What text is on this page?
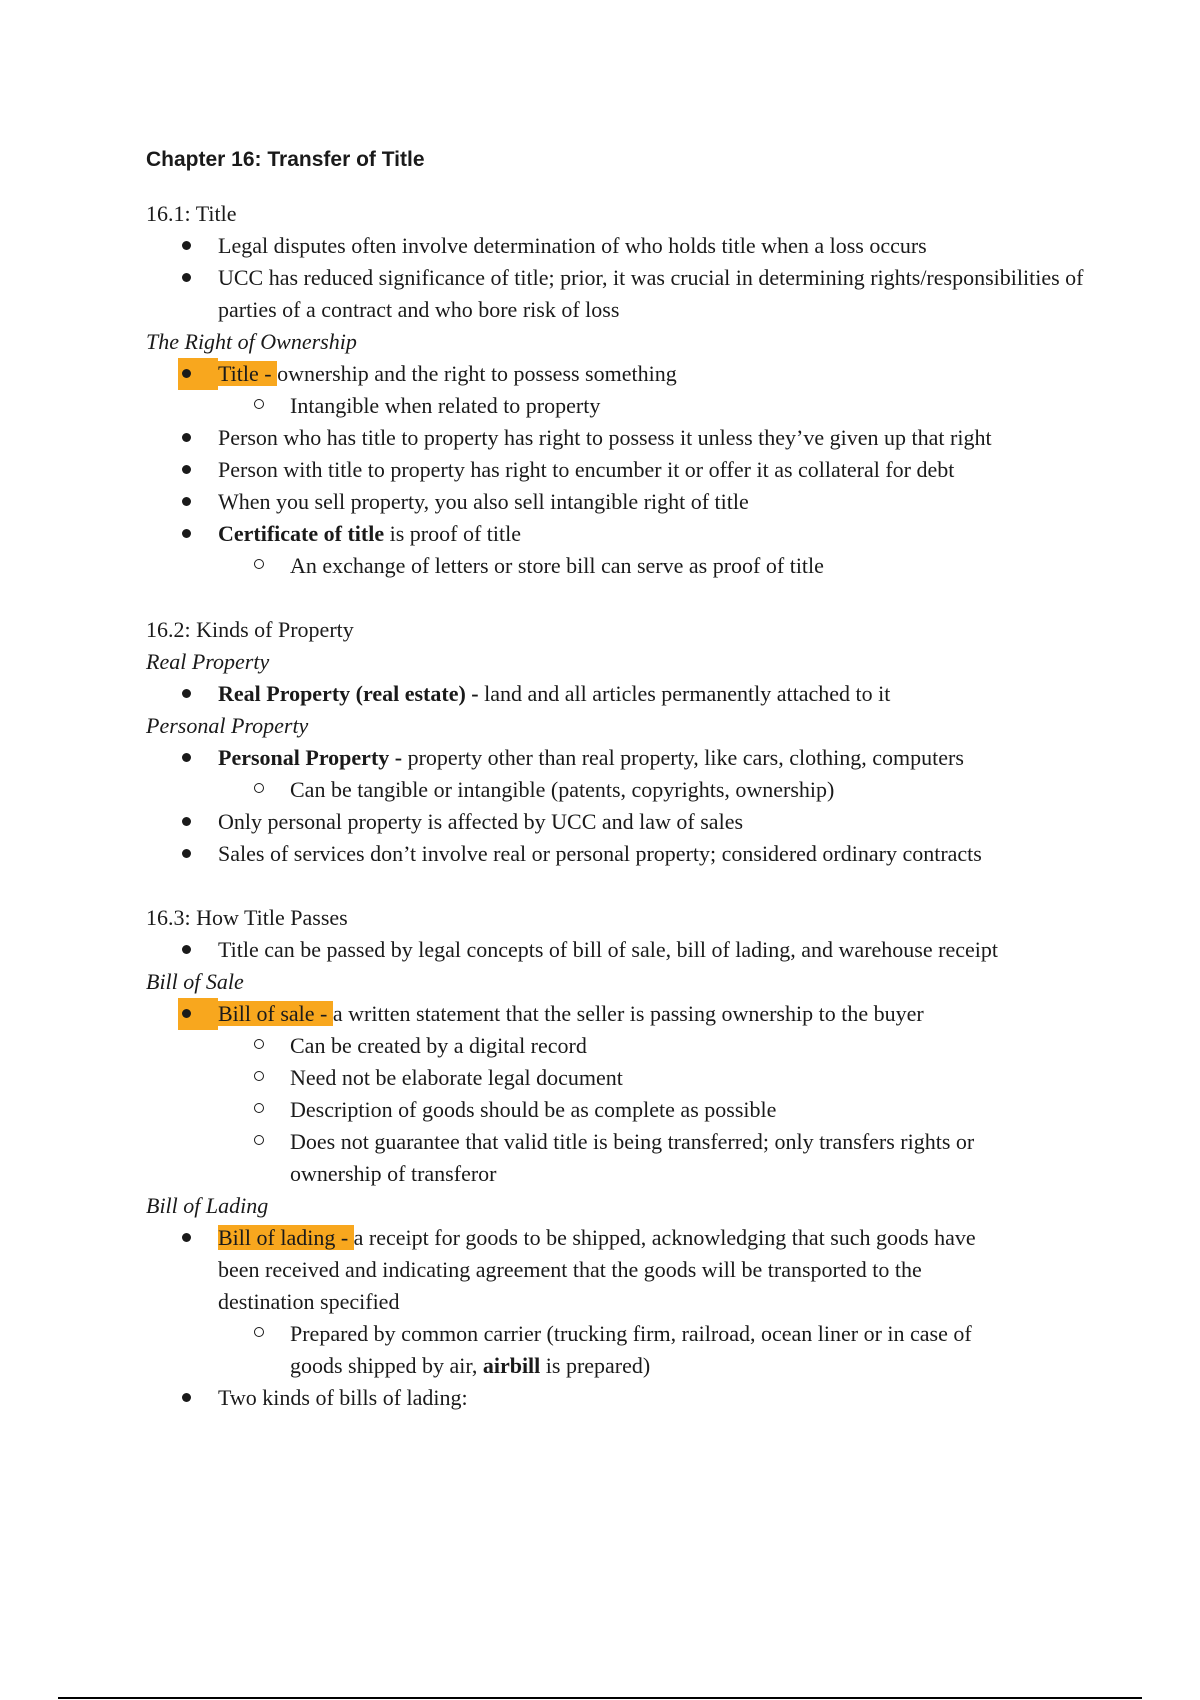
Chapter 16: Transfer of Title
16.1: Title
Legal disputes often involve determination of who holds title when a loss occurs
UCC has reduced significance of title; prior, it was crucial in determining rights/responsibilities of parties of a contract and who bore risk of loss
The Right of Ownership
Title - ownership and the right to possess something
Intangible when related to property
Person who has title to property has right to possess it unless they’ve given up that right
Person with title to property has right to encumber it or offer it as collateral for debt
When you sell property, you also sell intangible right of title
Certificate of title is proof of title
An exchange of letters or store bill can serve as proof of title
16.2: Kinds of Property
Real Property
Real Property (real estate) - land and all articles permanently attached to it
Personal Property
Personal Property - property other than real property, like cars, clothing, computers
Can be tangible or intangible (patents, copyrights, ownership)
Only personal property is affected by UCC and law of sales
Sales of services don’t involve real or personal property; considered ordinary contracts
16.3: How Title Passes
Title can be passed by legal concepts of bill of sale, bill of lading, and warehouse receipt
Bill of Sale
Bill of sale - a written statement that the seller is passing ownership to the buyer
Can be created by a digital record
Need not be elaborate legal document
Description of goods should be as complete as possible
Does not guarantee that valid title is being transferred; only transfers rights or ownership of transferor
Bill of Lading
Bill of lading - a receipt for goods to be shipped, acknowledging that such goods have been received and indicating agreement that the goods will be transported to the destination specified
Prepared by common carrier (trucking firm, railroad, ocean liner or in case of goods shipped by air, airbill is prepared)
Two kinds of bills of lading:
